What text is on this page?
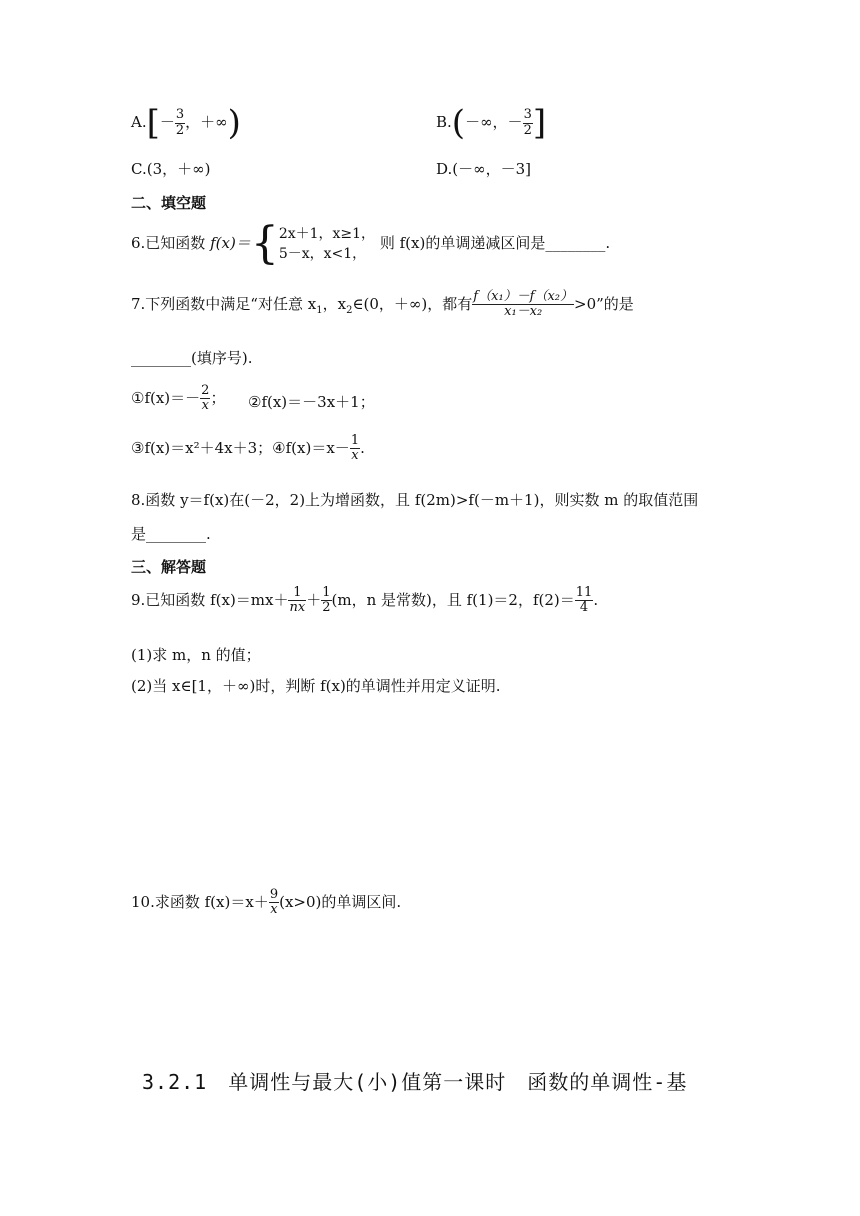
$A.[- \frac{3}{2}$ ，＋∞)	B.(－∞，－ $\frac{3}{2}$ ]
C.(3，＋∞)	D.(－∞，－3]
二、填空题
6.已知函数 f(x)＝{ 2x＋1，x≥1，
5－x，x<1，
则 f(x)的单调递减区间是________.
7.下列函数中满足“对任意 $x_1$，$x_2\in(0$，＋∞)，都有 $\frac{\text{f（x₁）－f（x₂）}}{\text{x₁－x₂}} >0$”的是
________(填序号).
①f(x)＝－ $\frac{2}{x}$ ； ②f(x)＝－3x＋1；
③f(x)＝x²＋4x＋3；④f(x)＝x－ $\frac{1}{x}$ .
8.函数 y＝f(x)在(－2，2)上为增函数，且 f(2m)>f(－m＋1)，则实数 m 的取值范围
是________.
三、解答题
9.已知函数 $f(x)=mx+ \frac{1}{nx} + \frac{1}{2} (m$，n 是常数)，且 f(1)＝2，$f(2)= \frac{11}{4}$ .
(1)求 m，n 的值；
(2)当 x∈[1，＋∞)时，判断 f(x)的单调性并用定义证明.
10.求函数 $f(x)=x+ \frac{9}{x} (x>0)$的单调区间.
3.2.1　单调性与最大(小)值第一课时　函数的单调性-基
